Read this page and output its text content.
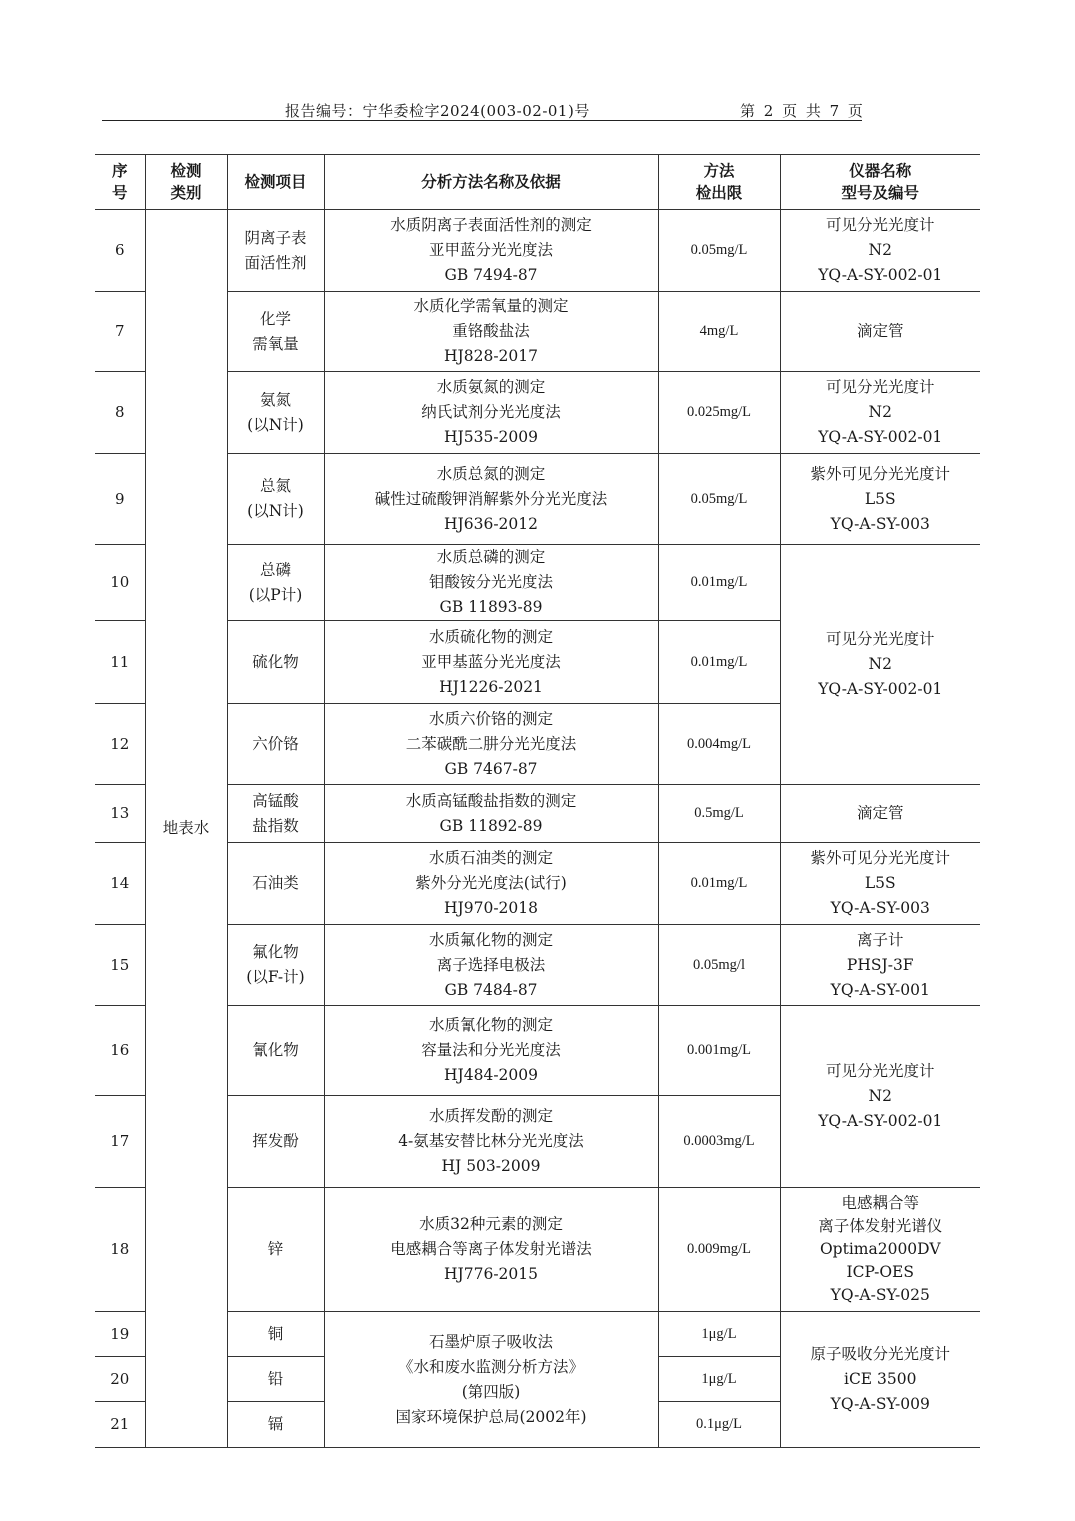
报告编号：宁华委检字2024(003-02-01)号	第 2 页 共 7 页
序
号	检测
类别	检测项目	分析方法名称及依据	方法
检出限	仪器名称
型号及编号

6	地表水	阴离子表
面活性剂	水质阴离子表面活性剂的测定
亚甲蓝分光光度法
GB 7494-87	0.05mg/L	可见分光光度计
N2
YQ-A-SY-002-01

7		化学
需氧量	水质化学需氧量的测定
重铬酸盐法
HJ828-2017	4mg/L	滴定管

8		氨氮
(以N计)	水质氨氮的测定
纳氏试剂分光光度法
HJ535-2009	0.025mg/L	可见分光光度计
N2
YQ-A-SY-002-01

9		总氮
(以N计)	水质总氮的测定
碱性过硫酸钾消解紫外分光光度法
HJ636-2012	0.05mg/L	紫外可见分光光度计
L5S
YQ-A-SY-003

10		总磷
(以P计)	水质总磷的测定
钼酸铵分光光度法
GB 11893-89	0.01mg/L	可见分光光度计
N2
YQ-A-SY-002-01

11		硫化物	水质硫化物的测定
亚甲基蓝分光光度法
HJ1226-2021	0.01mg/L	
12		六价铬	水质六价铬的测定
二苯碳酰二肼分光光度法
GB 7467-87	0.004mg/L	
13		高锰酸
盐指数	水质高锰酸盐指数的测定
GB 11892-89	0.5mg/L	滴定管

14		石油类	水质石油类的测定
紫外分光光度法(试行)
HJ970-2018	0.01mg/L	紫外可见分光光度计
L5S
YQ-A-SY-003

15		氟化物
(以F-计)	水质氟化物的测定
离子选择电极法
GB 7484-87	0.05mg/l	离子计
PHSJ-3F
YQ-A-SY-001

16		氰化物	水质氰化物的测定
容量法和分光光度法
HJ484-2009	0.001mg/L	可见分光光度计
N2
YQ-A-SY-002-01

17		挥发酚	水质挥发酚的测定
4-氨基安替比林分光光度法
HJ 503-2009	0.0003mg/L	
18		锌	水质32种元素的测定
电感耦合等离子体发射光谱法
HJ776-2015	0.009mg/L	电感耦合等
离子体发射光谱仪
Optima2000DV
ICP-OES
YQ-A-SY-025

19		铜	石墨炉原子吸收法
《水和废水监测分析方法》
(第四版)
国家环境保护总局(2002年)	1μg/L	原子吸收分光光度计
iCE 3500
YQ-A-SY-009

20		铅		1μg/L	
21		镉		0.1μg/L	
